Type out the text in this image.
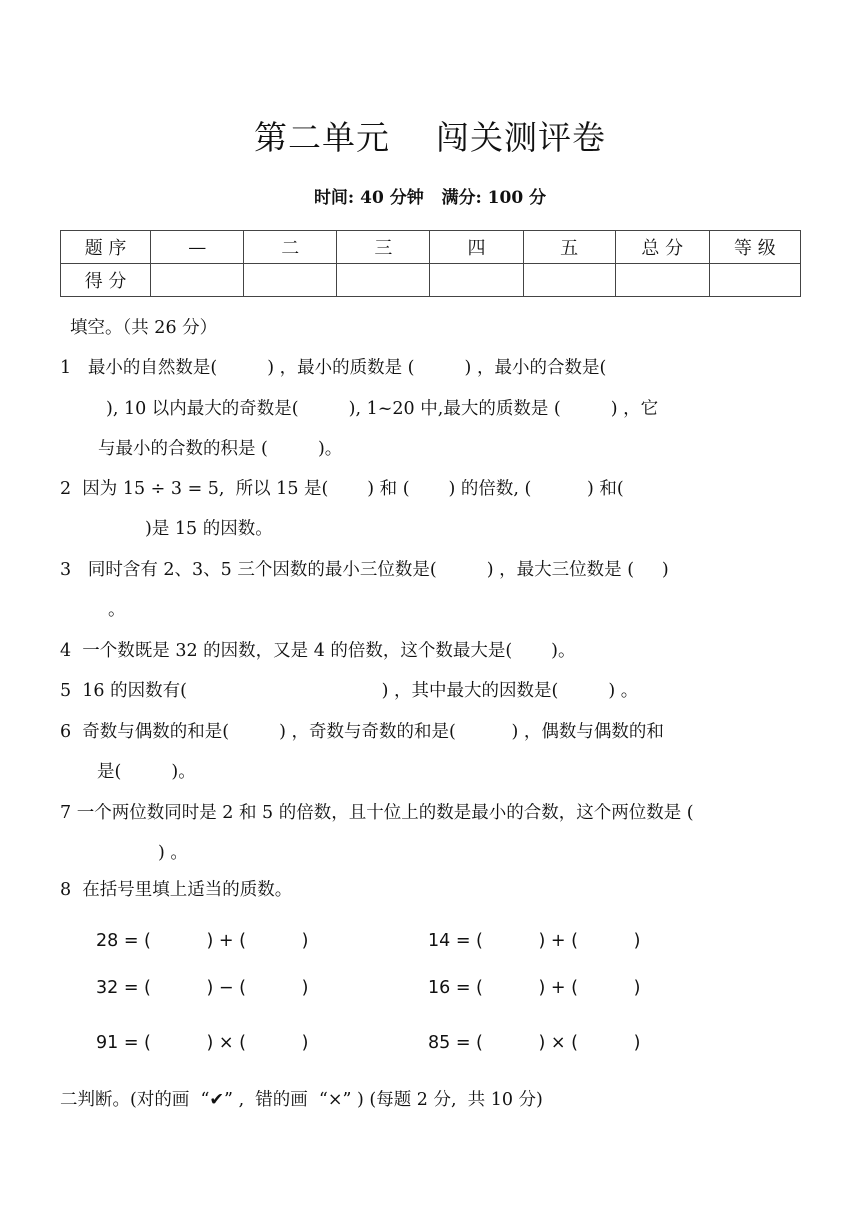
第二单元    闯关测评卷
时间: 40 分钟   满分: 100 分
题 序	—	二	三	四	五	总 分	等 级
得 分							
填空。（共 26 分）
1   最小的自然数是(         ) ，最小的质数是 (         ) ，最小的合数是(
), 10 以内最大的奇数是(         ), 1~20 中,最大的质数是 (         ) ，它
与最小的合数的积是 (         )。
2  因为 15 ÷ 3 = 5,  所以 15 是(       ) 和 (       ) 的倍数, (          ) 和(
)是 15 的因数。
3   同时含有 2、3、5 三个因数的最小三位数是(         ) ，最大三位数是 (     )
。
4  一个数既是 32 的因数，又是 4 的倍数，这个数最大是(       )。
5  16 的因数有(                                   ) ，其中最大的因数是(         ) 。
6  奇数与偶数的和是(         ) ，奇数与奇数的和是(          ) ，偶数与偶数的和
是(         )。
7 一个两位数同时是 2 和 5 的倍数，且十位上的数是最小的合数，这个两位数是 (
) 。
8  在括号里填上适当的质数。
28 = (          ) + (          )	14 = (          ) + (          )
32 = (          ) − (          )	16 = (          ) + (          )
91 = (          ) × (          )	85 = (          ) × (          )
二判断。(对的画  “✔” ,  错的画  “×” ) (每题 2 分,  共 10 分)
